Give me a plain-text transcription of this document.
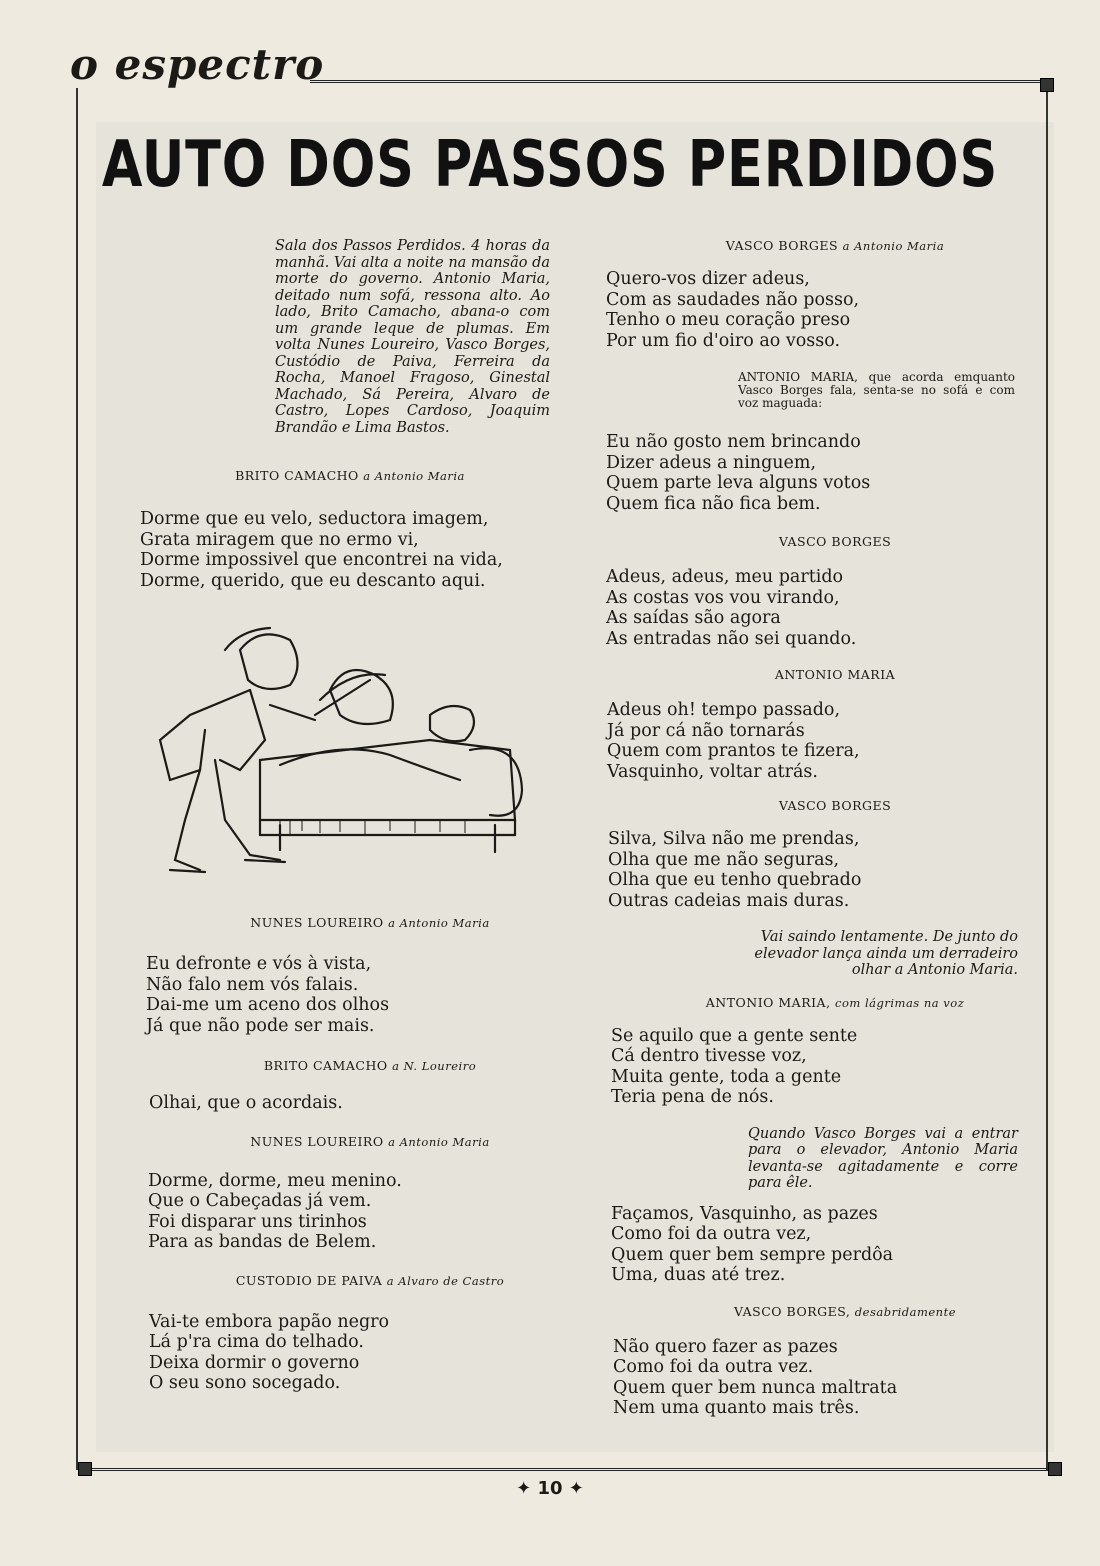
o espectro
AUTO DOS PASSOS PERDIDOS
Sala dos Passos Perdidos. 4 horas da manhã. Vai alta a noite na mansão da morte do governo. Antonio Maria, deitado num sofá, ressona alto. Ao lado, Brito Camacho, abana-o com um grande leque de plumas. Em volta Nunes Loureiro, Vasco Borges, Custódio de Paiva, Ferreira da Rocha, Manoel Fragoso, Ginestal Machado, Sá Pereira, Alvaro de Castro, Lopes Cardoso, Joaquim Brandão e Lima Bastos.
BRITO CAMACHO a Antonio Maria
Dorme que eu velo, seductora imagem,
Grata miragem que no ermo vi,
Dorme impossivel que encontrei na vida,
Dorme, querido, que eu descanto aqui.
NUNES LOUREIRO a Antonio Maria
Eu defronte e vós à vista,
Não falo nem vós falais.
Dai-me um aceno dos olhos
Já que não pode ser mais.
BRITO CAMACHO a N. Loureiro
Olhai, que o acordais.
NUNES LOUREIRO a Antonio Maria
Dorme, dorme, meu menino.
Que o Cabeçadas já vem.
Foi disparar uns tirinhos
Para as bandas de Belem.
CUSTODIO DE PAIVA a Alvaro de Castro
Vai-te embora papão negro
Lá p'ra cima do telhado.
Deixa dormir o governo
O seu sono socegado.
VASCO BORGES a Antonio Maria
Quero-vos dizer adeus,
Com as saudades não posso,
Tenho o meu coração preso
Por um fio d'oiro ao vosso.
ANTONIO MARIA, que acorda emquanto Vasco Borges fala, senta-se no sofá e com voz maguada:
Eu não gosto nem brincando
Dizer adeus a ninguem,
Quem parte leva alguns votos
Quem fica não fica bem.
VASCO BORGES
Adeus, adeus, meu partido
As costas vos vou virando,
As saídas são agora
As entradas não sei quando.
ANTONIO MARIA
Adeus oh! tempo passado,
Já por cá não tornarás
Quem com prantos te fizera,
Vasquinho, voltar atrás.
VASCO BORGES
Silva, Silva não me prendas,
Olha que me não seguras,
Olha que eu tenho quebrado
Outras cadeias mais duras.
Vai saindo lentamente. De junto do elevador lança ainda um derradeiro olhar a Antonio Maria.
ANTONIO MARIA, com lágrimas na voz
Se aquilo que a gente sente
Cá dentro tivesse voz,
Muita gente, toda a gente
Teria pena de nós.
Quando Vasco Borges vai a entrar para o elevador, Antonio Maria levanta-se agitadamente e corre para êle.
Façamos, Vasquinho, as pazes
Como foi da outra vez,
Quem quer bem sempre perdôa
Uma, duas até trez.
VASCO BORGES, desabridamente
Não quero fazer as pazes
Como foi da outra vez.
Quem quer bem nunca maltrata
Nem uma quanto mais três.
✦ 10 ✦
